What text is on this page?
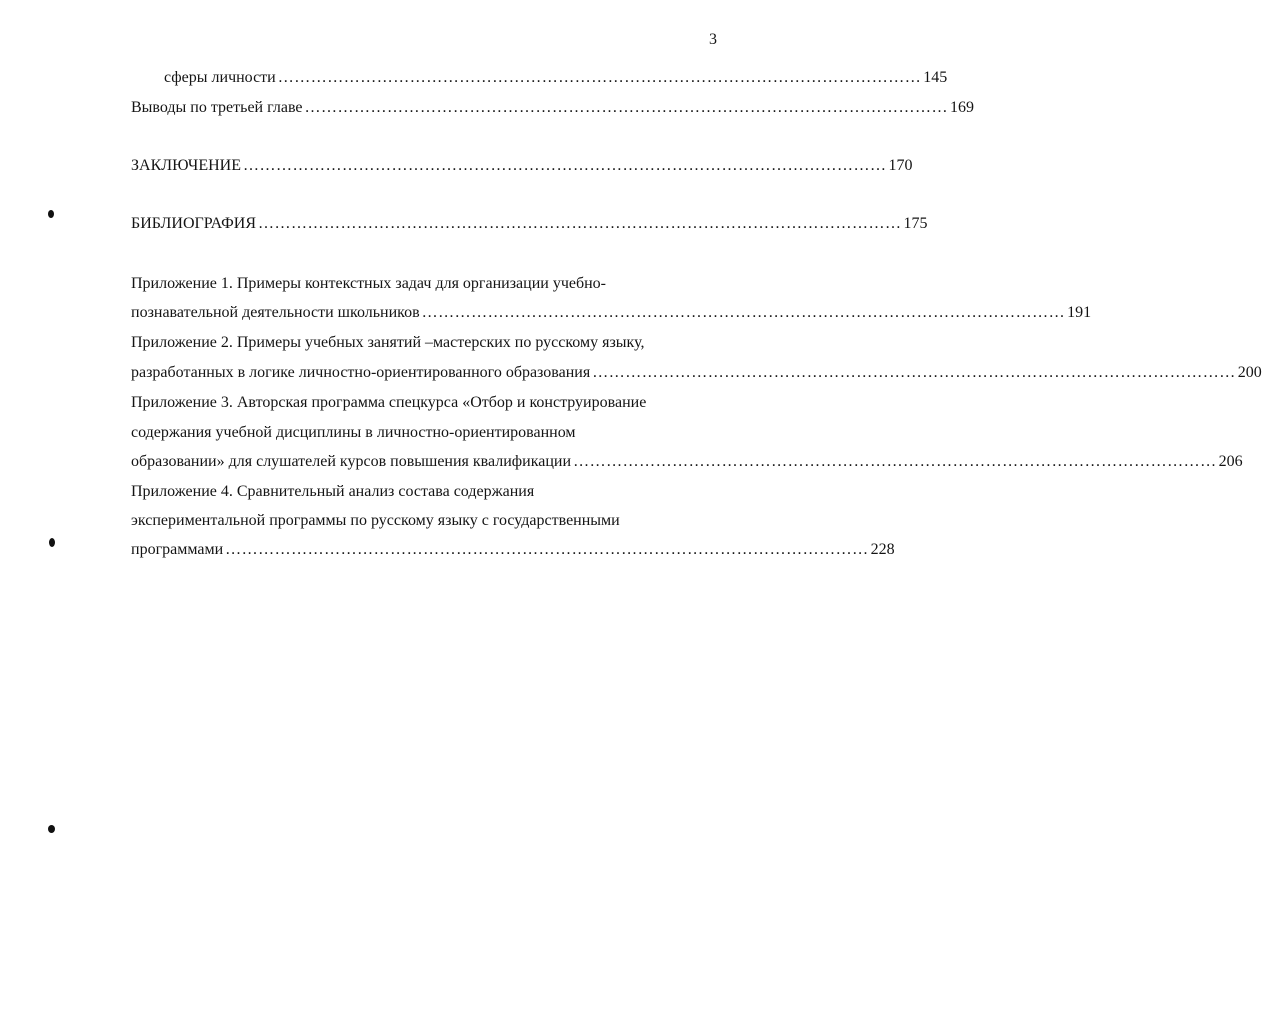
3
сферы личности ……………………………………………………………………………………………………… 145
Выводы по третьей главе ……………………………………………………………………………………………………… 169
ЗАКЛЮЧЕНИЕ ……………………………………………………………………………………………………… 170
БИБЛИОГРАФИЯ ……………………………………………………………………………………………………… 175
Приложение 1. Примеры контекстных задач для организации учебно-
познавательной деятельности школьников ……………………………………………………………………………………………………… 191
Приложение 2. Примеры учебных занятий –мастерских по русскому языку,
разработанных в логике личностно-ориентированного образования ……………………………………………………………………………………………………… 200
Приложение 3. Авторская программа спецкурса «Отбор и конструирование
содержания учебной дисциплины в личностно-ориентированном
образовании» для слушателей курсов повышения квалификации ……………………………………………………………………………………………………… 206
Приложение 4. Сравнительный анализ состава содержания
экспериментальной программы по русскому языку с государственными
программами ……………………………………………………………………………………………………… 228
